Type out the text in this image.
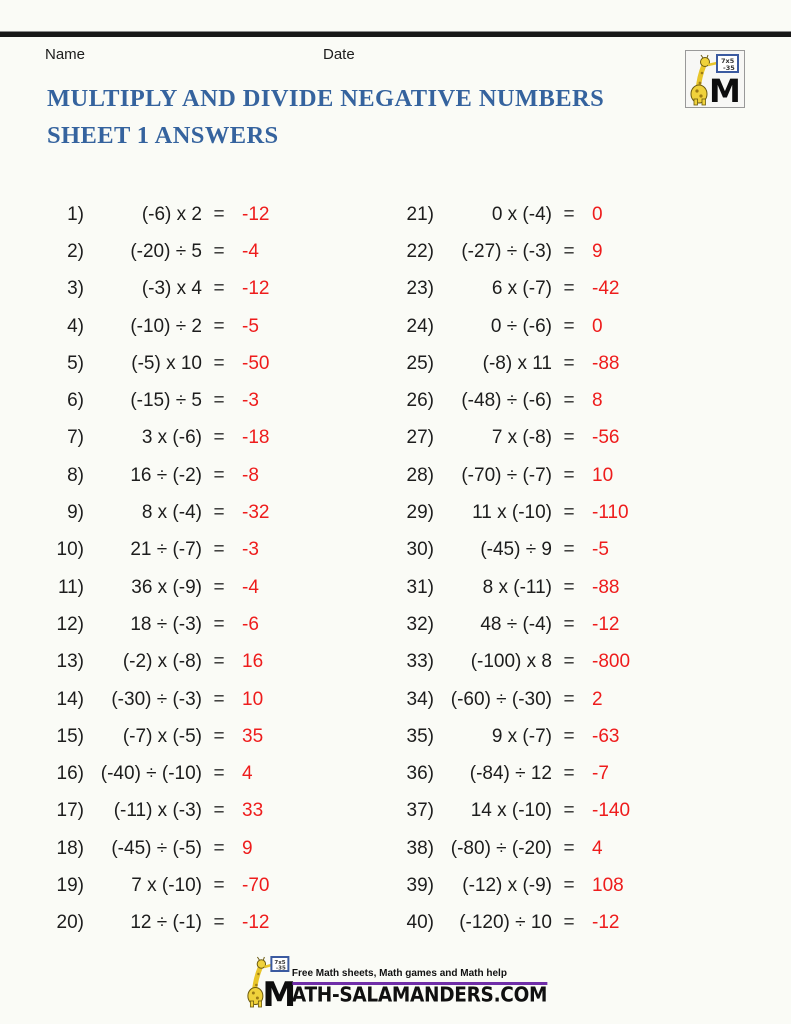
Name	Date
M
7x5
-35
MULTIPLY AND DIVIDE NEGATIVE NUMBERS
SHEET 1 ANSWERS
1)	(-6) x 2 = -12
2)	(-20) ÷ 5 = -4
3)	(-3) x 4 = -12
4)	(-10) ÷ 2 = -5
5)	(-5) x 10 = -50
6)	(-15) ÷ 5 = -3
7)	3 x (-6) = -18
8)	16 ÷ (-2) = -8
9)	8 x (-4) = -32
10)	21 ÷ (-7) = -3
11)	36 x (-9) = -4
12)	18 ÷ (-3) = -6
13)	(-2) x (-8) = 16
14)	(-30) ÷ (-3) = 10
15)	(-7) x (-5) = 35
16) (-40) ÷ (-10) = 4
17)	(-11) x (-3) = 33
18)	(-45) ÷ (-5) = 9
19)	7 x (-10) = -70
20)	12 ÷ (-1) = -12
21)	0 x (-4) = 0
22)	(-27) ÷ (-3) = 9
23)	6 x (-7) = -42
24)	0 ÷ (-6) = 0
25)	(-8) x 11 = -88
26)	(-48) ÷ (-6) = 8
27)	7 x (-8) = -56
28)	(-70) ÷ (-7) = 10
29)	11 x (-10) = -110
30)	(-45) ÷ 9 = -5
31)	8 x (-11) = -88
32)	48 ÷ (-4) = -12
33)	(-100) x 8 = -800
34) (-60) ÷ (-30) = 2
35)	9 x (-7) = -63
36)	(-84) ÷ 12 = -7
37)	14 x (-10) = -140
38) (-80) ÷ (-20) = 4
39)	(-12) x (-9) = 108
40)	(-120) ÷ 10 = -12
M
7x5
-35 Free Math sheets, Math games and Math help
ATH-SALAMANDERS.COM
